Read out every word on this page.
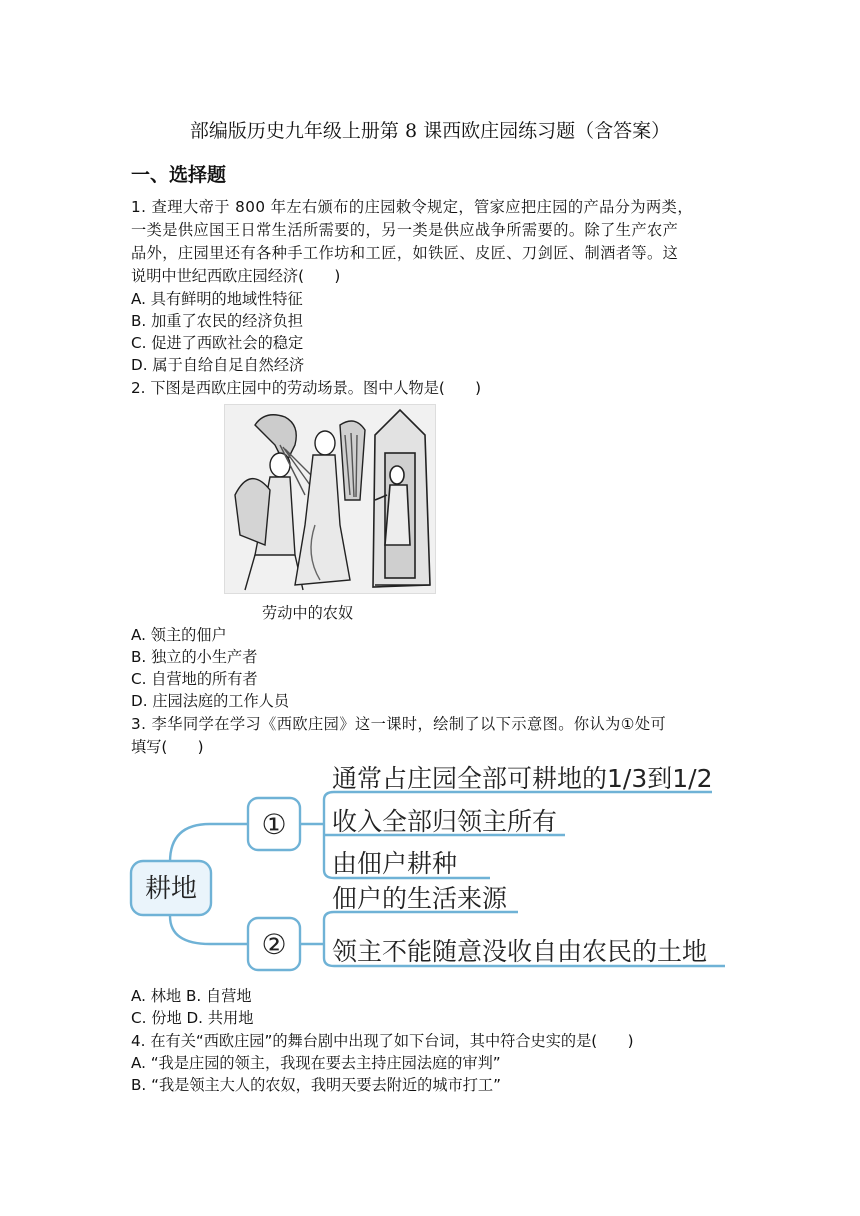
部编版历史九年级上册第 8 课西欧庄园练习题（含答案）
一、选择题
1. 查理大帝于 800 年左右颁布的庄园敕令规定，管家应把庄园的产品分为两类，
一类是供应国王日常生活所需要的，另一类是供应战争所需要的。除了生产农产
品外，庄园里还有各种手工作坊和工匠，如铁匠、皮匠、刀剑匠、制酒者等。这
说明中世纪西欧庄园经济(　　)
A. 具有鲜明的地域性特征
B. 加重了农民的经济负担
C. 促进了西欧社会的稳定
D. 属于自给自足自然经济
2. 下图是西欧庄园中的劳动场景。图中人物是(　　)
劳动中的农奴
A. 领主的佃户
B. 独立的小生产者
C. 自营地的所有者
D. 庄园法庭的工作人员
3. 李华同学在学习《西欧庄园》这一课时，绘制了以下示意图。你认为①处可
填写(　　)
耕地
①
②
通常占庄园全部可耕地的1/3到1/2
收入全部归领主所有
由佃户耕种
佃户的生活来源
领主不能随意没收自由农民的土地
A. 林地 B. 自营地
C. 份地 D. 共用地
4. 在有关“西欧庄园”的舞台剧中出现了如下台词，其中符合史实的是(　　)
A. “我是庄园的领主，我现在要去主持庄园法庭的审判”
B. “我是领主大人的农奴，我明天要去附近的城市打工”
